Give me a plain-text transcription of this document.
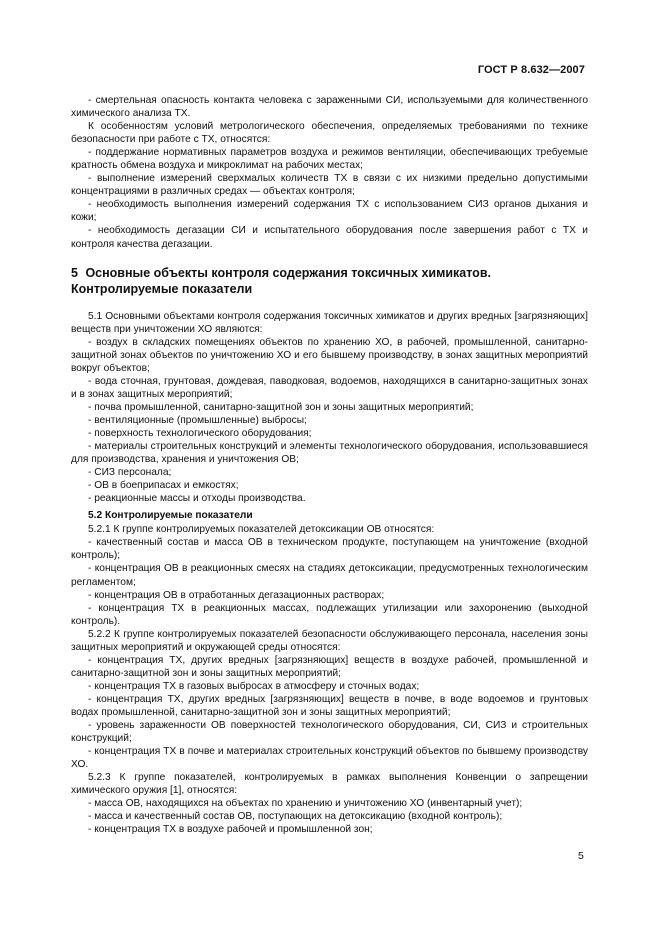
ГОСТ Р 8.632—2007

- смертельная опасность контакта человека с зараженными СИ, используемыми для количественного химического анализа ТХ.

К особенностям условий метрологического обеспечения, определяемых требованиями по технике безопасности при работе с ТХ, относятся:

- поддержание нормативных параметров воздуха и режимов вентиляции, обеспечивающих требуемые кратность обмена воздуха и микроклимат на рабочих местах;

- выполнение измерений сверхмалых количеств ТХ в связи с их низкими предельно допустимыми концентрациями в различных средах — объектах контроля;

- необходимость выполнения измерений содержания ТХ с использованием СИЗ органов дыхания и кожи;

- необходимость дегазации СИ и испытательного оборудования после завершения работ с ТХ и контроля качества дегазации.

5 Основные объекты контроля содержания токсичных химикатов.
Контролируемые показатели

5.1 Основными объектами контроля содержания токсичных химикатов и других вредных [загрязняющих] веществ при уничтожении ХО являются:

- воздух в складских помещениях объектов по хранению ХО, в рабочей, промышленной, санитарно-защитной зонах объектов по уничтожению ХО и его бывшему производству, в зонах защитных мероприятий вокруг объектов;

- вода сточная, грунтовая, дождевая, паводковая, водоемов, находящихся в санитарно-защитных зонах и в зонах защитных мероприятий;

- почва промышленной, санитарно-защитной зон и зоны защитных мероприятий;

- вентиляционные (промышленные) выбросы;

- поверхность технологического оборудования;

- материалы строительных конструкций и элементы технологического оборудования, использовавшиеся для производства, хранения и уничтожения ОВ;

- СИЗ персонала;

- ОВ в боеприпасах и емкостях;

- реакционные массы и отходы производства.

5.2 Контролируемые показатели

5.2.1 К группе контролируемых показателей детоксикации ОВ относятся:

- качественный состав и масса ОВ в техническом продукте, поступающем на уничтожение (входной контроль);

- концентрация ОВ в реакционных смесях на стадиях детоксикации, предусмотренных технологическим регламентом;

- концентрация ОВ в отработанных дегазационных растворах;

- концентрация ТХ в реакционных массах, подлежащих утилизации или захоронению (выходной контроль).

5.2.2 К группе контролируемых показателей безопасности обслуживающего персонала, населения зоны защитных мероприятий и окружающей среды относятся:

- концентрация ТХ, других вредных [загрязняющих] веществ в воздухе рабочей, промышленной и санитарно-защитной зон и зоны защитных мероприятий;

- концентрация ТХ в газовых выбросах в атмосферу и сточных водах;

- концентрация ТХ, других вредных [загрязняющих] веществ в почве, в воде водоемов и грунтовых водах промышленной, санитарно-защитной зон и зоны защитных мероприятий;

- уровень зараженности ОВ поверхностей технологического оборудования, СИ, СИЗ и строительных конструкций;

- концентрация ТХ в почве и материалах строительных конструкций объектов по бывшему производству ХО.

5.2.3 К группе показателей, контролируемых в рамках выполнения Конвенции о запрещении химического оружия [1], относятся:

- масса ОВ, находящихся на объектах по хранению и уничтожению ХО (инвентарный учет);

- масса и качественный состав ОВ, поступающих на детоксикацию (входной контроль);

- концентрация ТХ в воздухе рабочей и промышленной зон;

5
